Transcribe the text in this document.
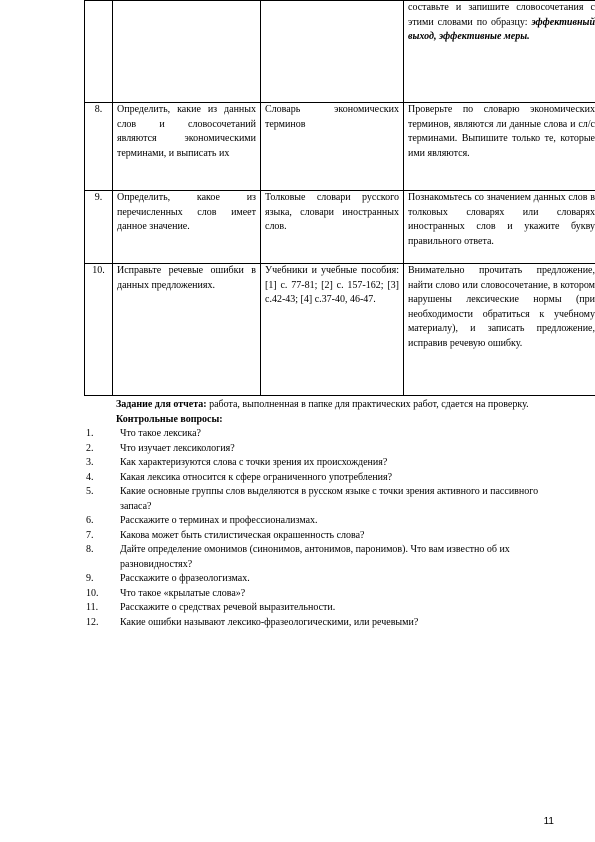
			составьте и запишите словосочетания с этими словами по образцу: эффективный выход, эффективные меры.
8.	Определить, какие из данных слов и словосочетаний являются экономическими терминами, и выписать их	Словарь экономических терминов	Проверьте по словарю экономических терминов, являются ли данные слова и сл/с терминами. Выпишите только те, которые ими являются.
9.	Определить, какое из перечисленных слов имеет данное значение.	Толковые словари русского языка, словари иностранных слов.	Познакомьтесь со значением данных слов в толковых словарях или словарях иностранных слов и укажите букву правильного ответа.
10.	Исправьте речевые ошибки в данных предложениях.	Учебники и учебные пособия: [1] с. 77-81; [2] с. 157-162; [3] с.42-43; [4] с.37-40, 46-47.	Внимательно прочитать предложение, найти слово или словосочетание, в котором нарушены лексические нормы (при необходимости обратиться к учебному материалу), и записать предложение, исправив речевую ошибку.
Задание для отчета: работа, выполненная в папке для практических работ, сдается на проверку.
Контрольные вопросы:
1.	Что такое лексика?
2.	Что изучает лексикология?
3.	Как характеризуются слова с точки зрения их происхождения?
4.	Какая лексика относится к сфере ограниченного употребления?
5.	Какие основные группы слов выделяются в русском языке с точки зрения активного и пассивного запаса?
6.	Расскажите о терминах и профессионализмах.
7.	Какова может быть стилистическая окрашенность слова?
8.	Дайте определение омонимов (синонимов, антонимов, паронимов). Что вам известно об их разновидностях?
9.	Расскажите о фразеологизмах.
10. Что такое «крылатые слова»?
11. Расскажите о средствах речевой выразительности.
12. Какие ошибки называют лексико-фразеологическими, или речевыми?
11
